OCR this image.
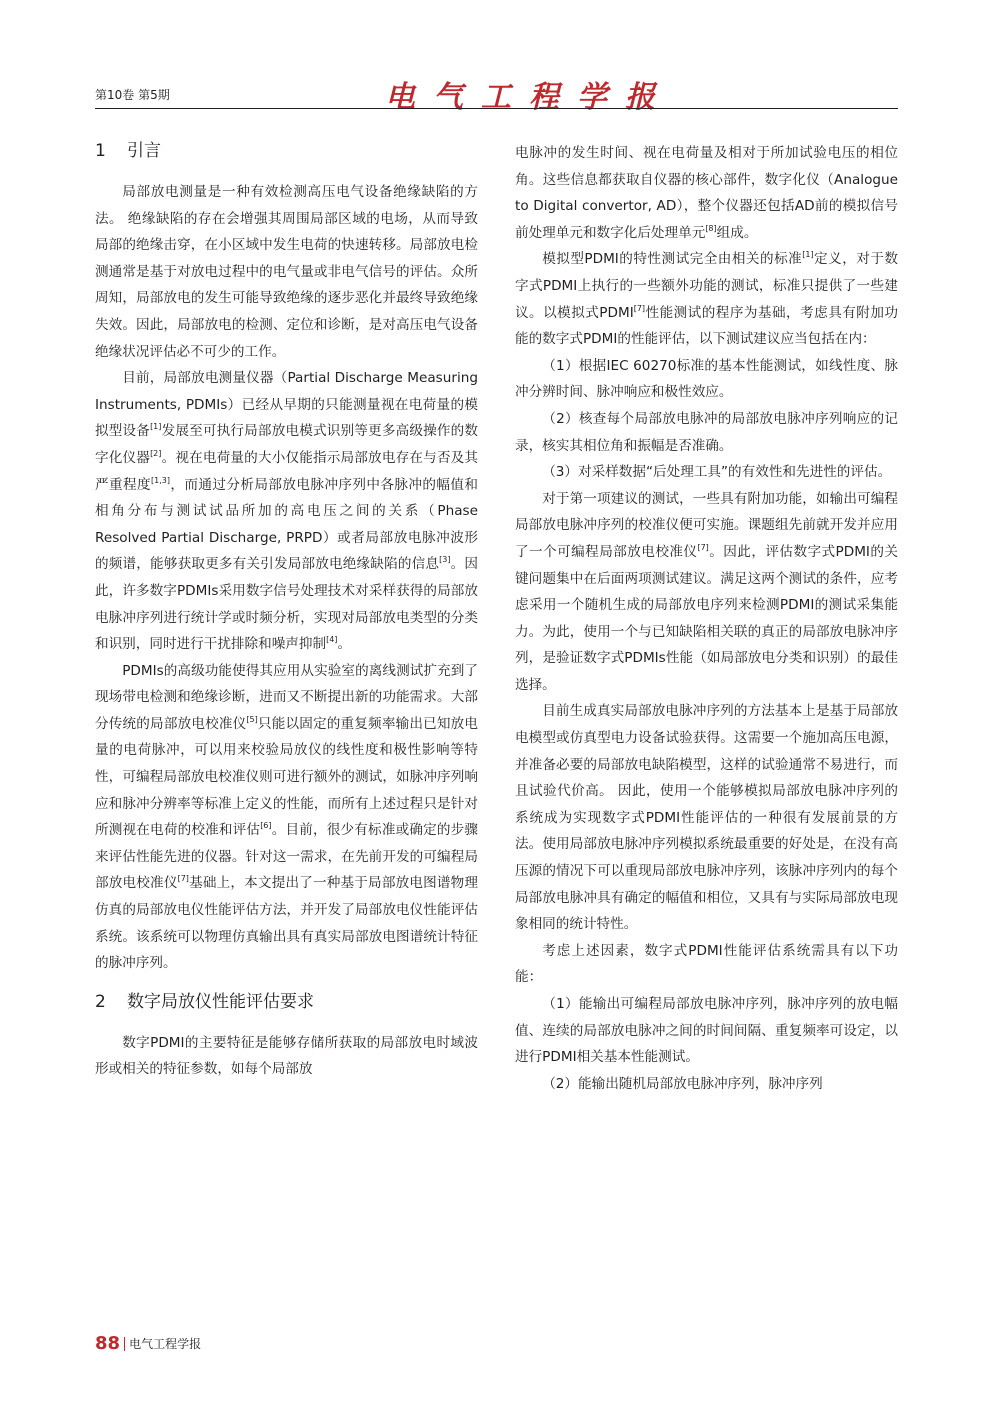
第10卷 第5期	电气工程学报
1 引言

局部放电测量是一种有效检测高压电气设备绝缘缺陷的方法。 绝缘缺陷的存在会增强其周围局部区域的电场，从而导致局部的绝缘击穿，在小区域中发生电荷的快速转移。局部放电检测通常是基于对放电过程中的电气量或非电气信号的评估。众所周知，局部放电的发生可能导致绝缘的逐步恶化并最终导致绝缘失效。因此，局部放电的检测、定位和诊断，是对高压电气设备绝缘状况评估必不可少的工作。

目前，局部放电测量仪器（Partial Discharge Measuring Instruments, PDMIs）已经从早期的只能测量视在电荷量的模拟型设备[1]发展至可执行局部放电模式识别等更多高级操作的数字化仪器[2]。视在电荷量的大小仅能指示局部放电存在与否及其严重程度[1,3]，而通过分析局部放电脉冲序列中各脉冲的幅值和相角分布与测试试品所加的高电压之间的关系（Phase Resolved Partial Discharge, PRPD）或者局部放电脉冲波形的频谱，能够获取更多有关引发局部放电绝缘缺陷的信息[3]。因此，许多数字PDMIs采用数字信号处理技术对采样获得的局部放电脉冲序列进行统计学或时频分析，实现对局部放电类型的分类和识别，同时进行干扰排除和噪声抑制[4]。

PDMIs的高级功能使得其应用从实验室的离线测试扩充到了现场带电检测和绝缘诊断，进而又不断提出新的功能需求。大部分传统的局部放电校准仪[5]只能以固定的重复频率输出已知放电量的电荷脉冲，可以用来校验局放仪的线性度和极性影响等特性，可编程局部放电校准仪则可进行额外的测试，如脉冲序列响应和脉冲分辨率等标准上定义的性能，而所有上述过程只是针对所测视在电荷的校准和评估[6]。目前，很少有标准或确定的步骤来评估性能先进的仪器。针对这一需求，在先前开发的可编程局部放电校准仪[7]基础上，本文提出了一种基于局部放电图谱物理仿真的局部放电仪性能评估方法，并开发了局部放电仪性能评估系统。该系统可以物理仿真输出具有真实局部放电图谱统计特征的脉冲序列。

2 数字局放仪性能评估要求

数字PDMI的主要特征是能够存储所获取的局部放电时域波形或相关的特征参数，如每个局部放

电脉冲的发生时间、视在电荷量及相对于所加试验电压的相位角。这些信息都获取自仪器的核心部件，数字化仪（Analogue to Digital convertor, AD），整个仪器还包括AD前的模拟信号前处理单元和数字化后处理单元[8]组成。

模拟型PDMI的特性测试完全由相关的标准[1]定义，对于数字式PDMI上执行的一些额外功能的测试，标准只提供了一些建议。以模拟式PDMI[7]性能测试的程序为基础，考虑具有附加功能的数字式PDMI的性能评估，以下测试建议应当包括在内：

（1）根据IEC 60270标准的基本性能测试，如线性度、脉冲分辨时间、脉冲响应和极性效应。

（2）核查每个局部放电脉冲的局部放电脉冲序列响应的记录，核实其相位角和振幅是否准确。

（3）对采样数据“后处理工具”的有效性和先进性的评估。

对于第一项建议的测试，一些具有附加功能，如输出可编程局部放电脉冲序列的校准仪便可实施。课题组先前就开发并应用了一个可编程局部放电校准仪[7]。因此，评估数字式PDMI的关键问题集中在后面两项测试建议。满足这两个测试的条件，应考虑采用一个随机生成的局部放电序列来检测PDMI的测试采集能力。为此，使用一个与已知缺陷相关联的真正的局部放电脉冲序列，是验证数字式PDMIs性能（如局部放电分类和识别）的最佳选择。

目前生成真实局部放电脉冲序列的方法基本上是基于局部放电模型或仿真型电力设备试验获得。这需要一个施加高压电源，并准备必要的局部放电缺陷模型，这样的试验通常不易进行，而且试验代价高。 因此，使用一个能够模拟局部放电脉冲序列的系统成为实现数字式PDMI性能评估的一种很有发展前景的方法。使用局部放电脉冲序列模拟系统最重要的好处是，在没有高压源的情况下可以重现局部放电脉冲序列，该脉冲序列内的每个局部放电脉冲具有确定的幅值和相位，又具有与实际局部放电现象相同的统计特性。

考虑上述因素，数字式PDMI性能评估系统需具有以下功能：

（1）能输出可编程局部放电脉冲序列，脉冲序列的放电幅值、连续的局部放电脉冲之间的时间间隔、重复频率可设定，以进行PDMI相关基本性能测试。

（2）能输出随机局部放电脉冲序列，脉冲序列

88 电气工程学报
